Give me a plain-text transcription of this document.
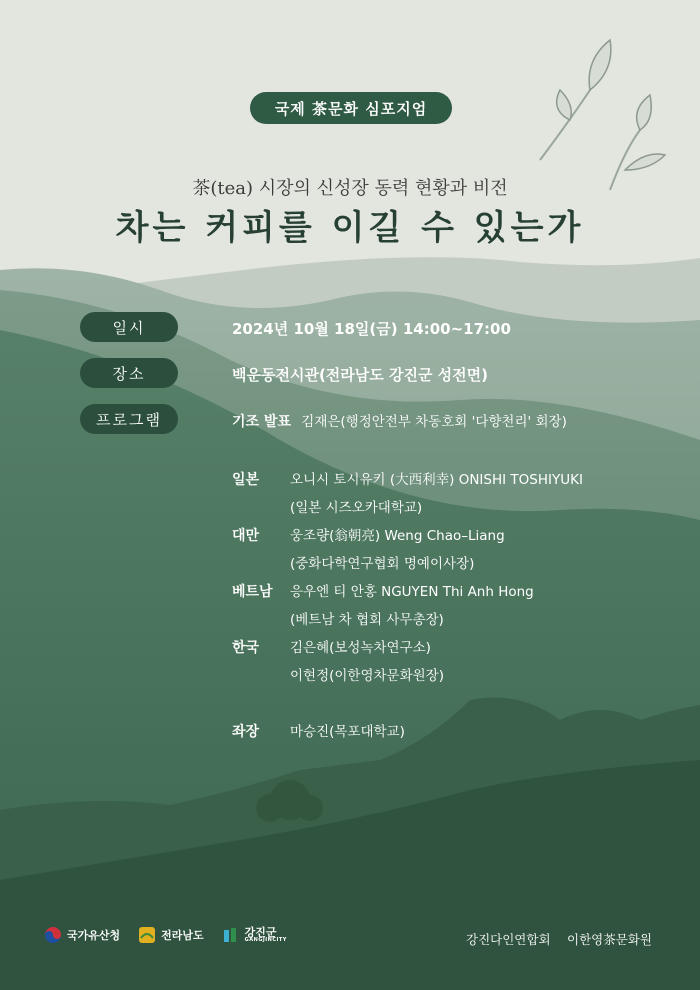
국제 茶문화 심포지엄
茶(tea) 시장의 신성장 동력 현황과 비전
차는 커피를 이길 수 있는가
일시	2024년 10월 18일(금) 14:00~17:00
장소	백운동전시관(전라남도 강진군 성전면)
프로그램	기조 발표 김재은(행정안전부 차동호회 '다향천리' 회장)
일본 오니시 토시유키 (大西利幸) ONISHI TOSHIYUKI
(일본 시즈오카대학교)
대만 웅조량(翁朝亮) Weng Chao–Liang
(중화다학연구협회 명예이사장)
베트남 응우엔 티 안홍 NGUYEN Thi Anh Hong
(베트남 차 협회 사무총장)
한국 김은혜(보성녹차연구소)
이현정(이한영차문화원장)
좌장 마승진(목포대학교)
국가유산청	전라남도	강진군
GANGJINCITY	강진다인연합회 이한영茶문화원
